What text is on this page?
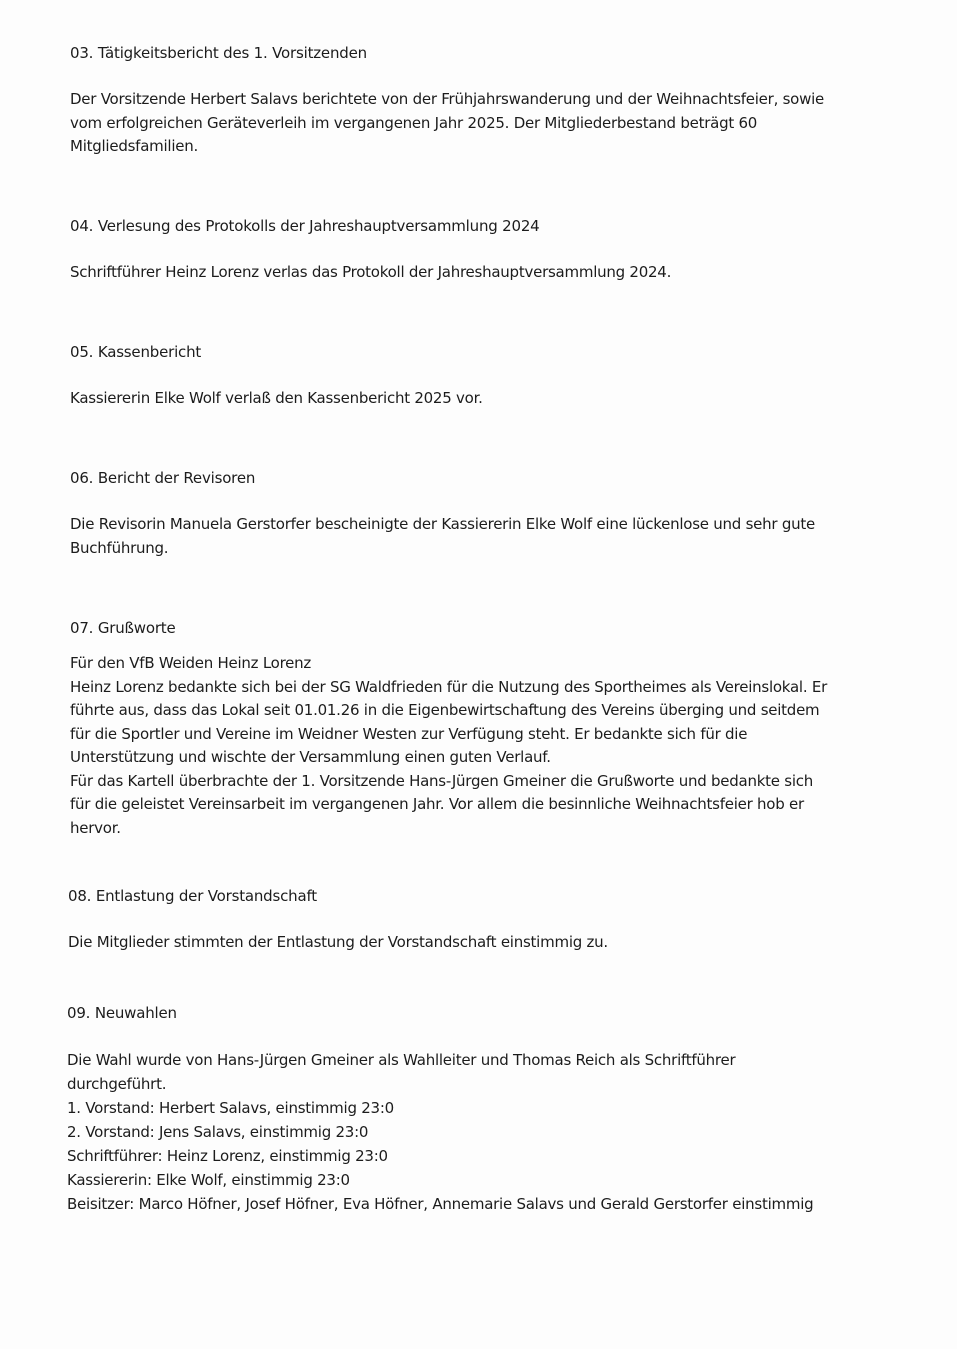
03. Tätigkeitsbericht des 1. Vorsitzenden

Der Vorsitzende Herbert Salavs berichtete von der Frühjahrswanderung und der Weihnachtsfeier, sowie
vom erfolgreichen Geräteverleih im vergangenen Jahr 2025. Der Mitgliederbestand beträgt 60
Mitgliedsfamilien.

04. Verlesung des Protokolls der Jahreshauptversammlung 2024

Schriftführer Heinz Lorenz verlas das Protokoll der Jahreshauptversammlung 2024.

05. Kassenbericht

Kassiererin Elke Wolf verlaß den Kassenbericht 2025 vor.

06. Bericht der Revisoren

Die Revisorin Manuela Gerstorfer bescheinigte der Kassiererin Elke Wolf eine lückenlose und sehr gute
Buchführung.

07. Grußworte

Für den VfB Weiden Heinz Lorenz
Heinz Lorenz bedankte sich bei der SG Waldfrieden für die Nutzung des Sportheimes als Vereinslokal. Er
führte aus, dass das Lokal seit 01.01.26 in die Eigenbewirtschaftung des Vereins überging und seitdem
für die Sportler und Vereine im Weidner Westen zur Verfügung steht. Er bedankte sich für die
Unterstützung und wischte der Versammlung einen guten Verlauf.
Für das Kartell überbrachte der 1. Vorsitzende Hans-Jürgen Gmeiner die Grußworte und bedankte sich
für die geleistet Vereinsarbeit im vergangenen Jahr. Vor allem die besinnliche Weihnachtsfeier hob er
hervor.

08. Entlastung der Vorstandschaft

Die Mitglieder stimmten der Entlastung der Vorstandschaft einstimmig zu.

09. Neuwahlen

Die Wahl wurde von Hans-Jürgen Gmeiner als Wahlleiter und Thomas Reich als Schriftführer
durchgeführt.
1. Vorstand: Herbert Salavs, einstimmig 23:0
2. Vorstand: Jens Salavs, einstimmig 23:0
Schriftführer: Heinz Lorenz, einstimmig 23:0
Kassiererin: Elke Wolf, einstimmig 23:0
Beisitzer: Marco Höfner, Josef Höfner, Eva Höfner, Annemarie Salavs und Gerald Gerstorfer einstimmig
